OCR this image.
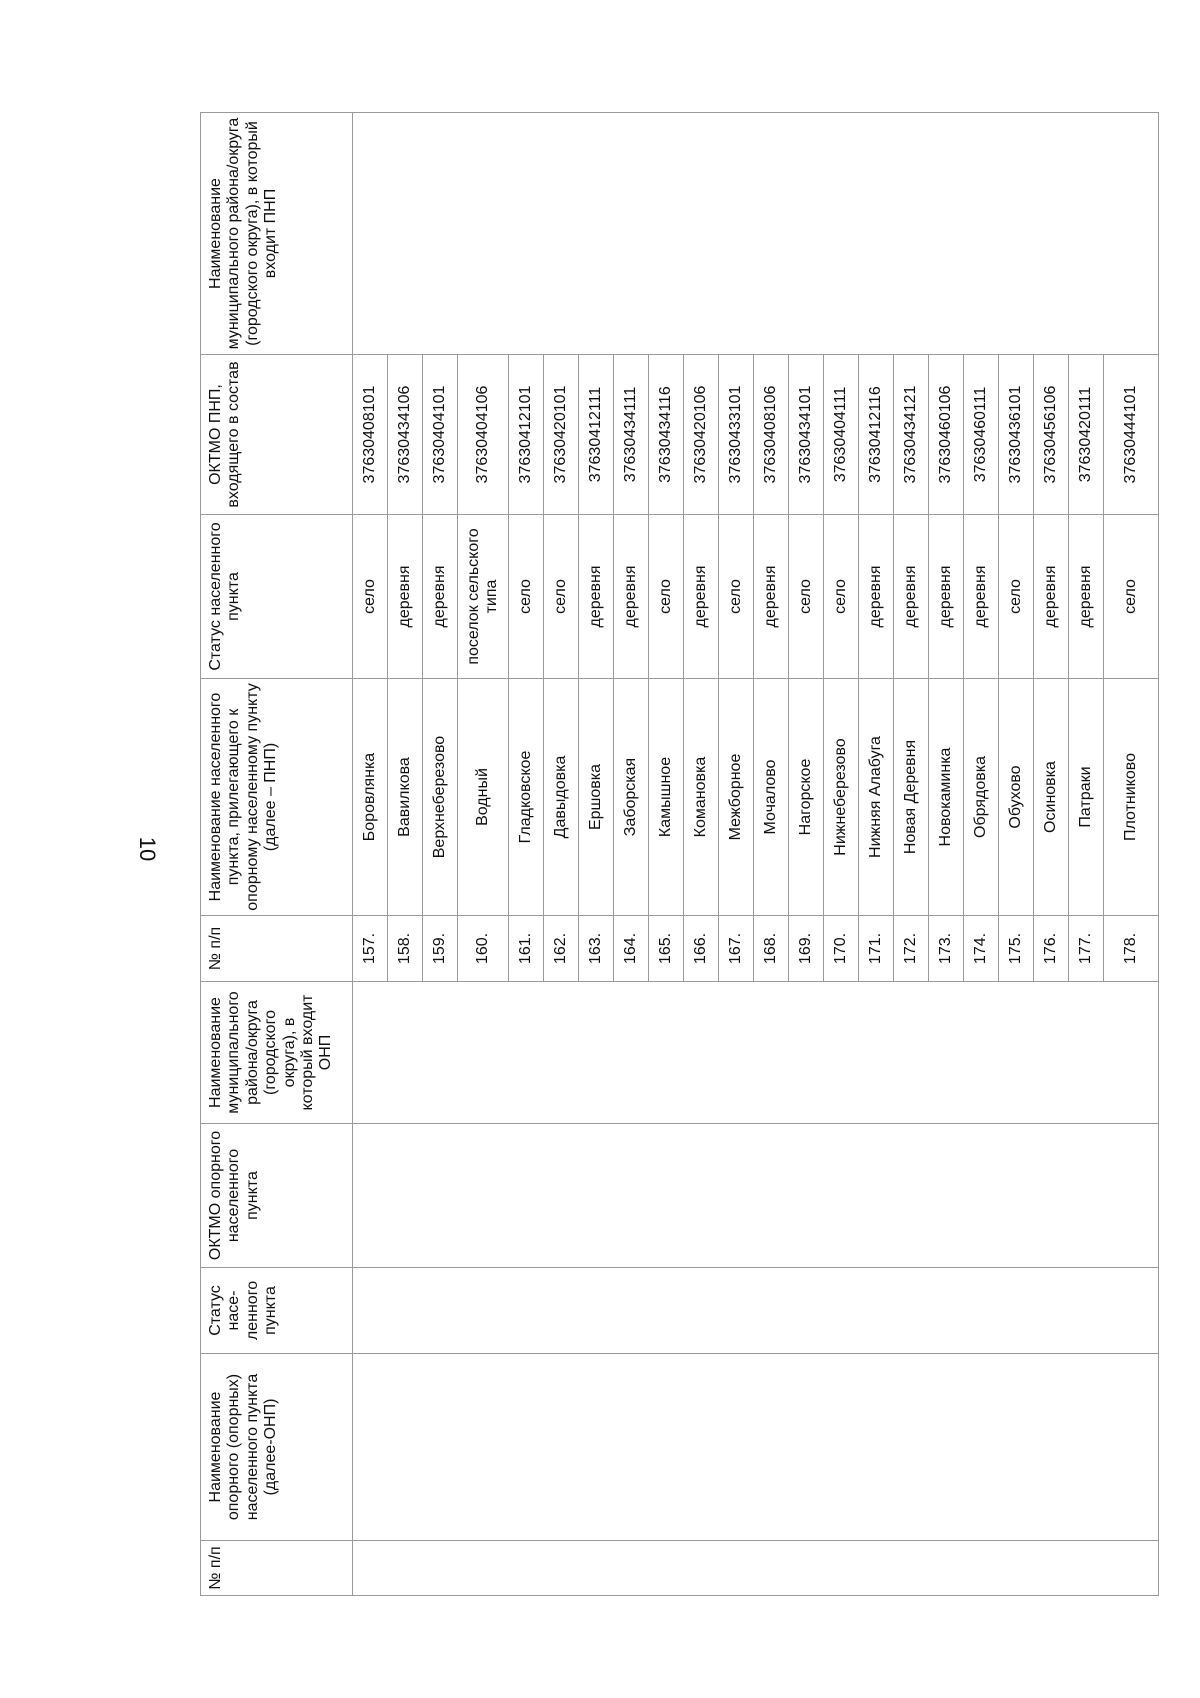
10
№ п/п	Наименование опорного (опорных) населенного пункта (далее-ОНП)	Статус насе-ленного пункта	ОКТМО опорного населенного пункта	Наименование муниципального района/округа (городского округа), в который входит ОНП	№ п/п	Наименование населенного пункта, прилегающего к опорному населенному пункту (далее – ПНП)	Статус населенного пункта	ОКТМО ПНП, входящего в состав	Наименование муниципального района/округа (городского округа), в который входит ПНП
					157.	Боровлянка	село	37630408101	
					158.	Вавилкова	деревня	37630434106	
					159.	Верхнеберезово	деревня	37630404101	
					160.	Водный	поселок сельского типа	37630404106	
					161.	Гладковское	село	37630412101	
					162.	Давыдовка	село	37630420101	
					163.	Ершовка	деревня	37630412111	
					164.	Заборская	деревня	37630434111	
					165.	Камышное	село	37630434116	
					166.	Комановка	деревня	37630420106	
					167.	Межборное	село	37630433101	
					168.	Мочалово	деревня	37630408106	
					169.	Нагорское	село	37630434101	
					170.	Нижнеберезово	село	37630404111	
					171.	Нижняя Алабуга	деревня	37630412116	
					172.	Новая Деревня	деревня	37630434121	
					173.	Новокаминка	деревня	37630460106	
					174.	Обрядовка	деревня	37630460111	
					175.	Обухово	село	37630436101	
					176.	Осиновка	деревня	37630456106	
					177.	Патраки	деревня	37630420111	
					178.	Плотниково	село	37630444101	
